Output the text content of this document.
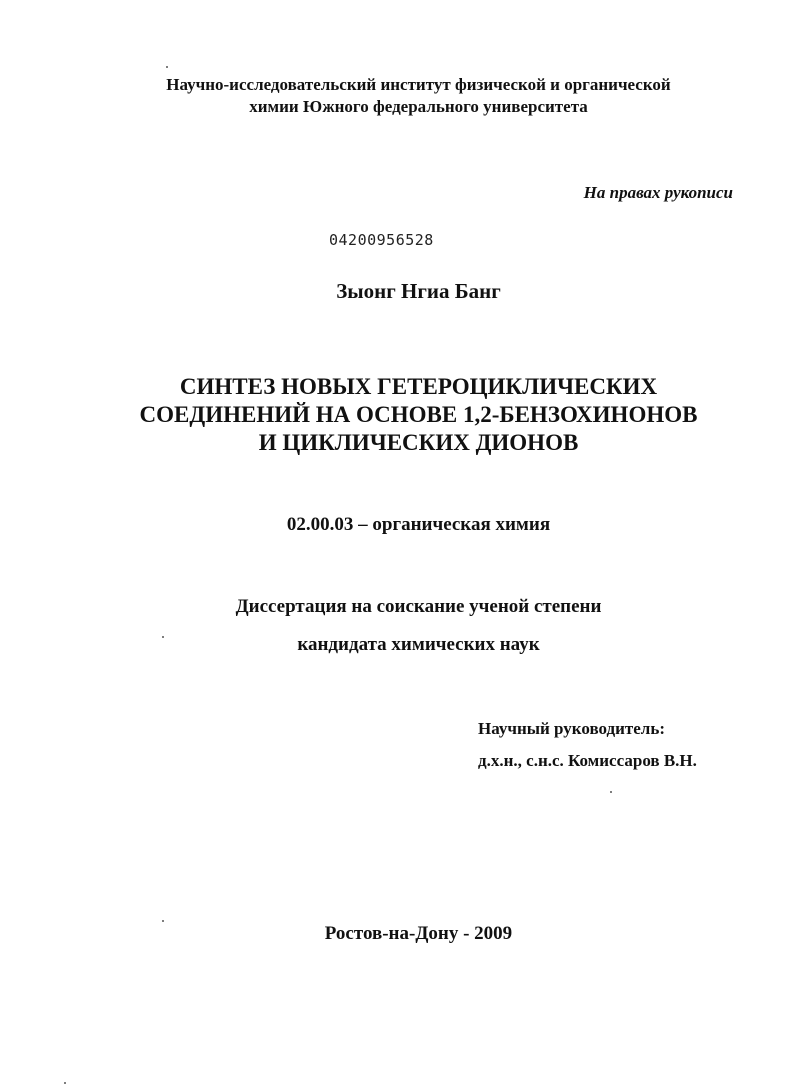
Научно-исследовательский институт физической и органической
химии Южного федерального университета
На правах рукописи
04200956528
Зыонг Нгиа Банг
СИНТЕЗ НОВЫХ ГЕТЕРОЦИКЛИЧЕСКИХ
СОЕДИНЕНИЙ НА ОСНОВЕ 1,2-БЕНЗОХИНОНОВ
И ЦИКЛИЧЕСКИХ ДИОНОВ
02.00.03 – органическая химия
Диссертация на соискание ученой степени
кандидата химических наук
Научный руководитель:
д.х.н., с.н.с. Комиссаров В.Н.
Ростов-на-Дону - 2009
